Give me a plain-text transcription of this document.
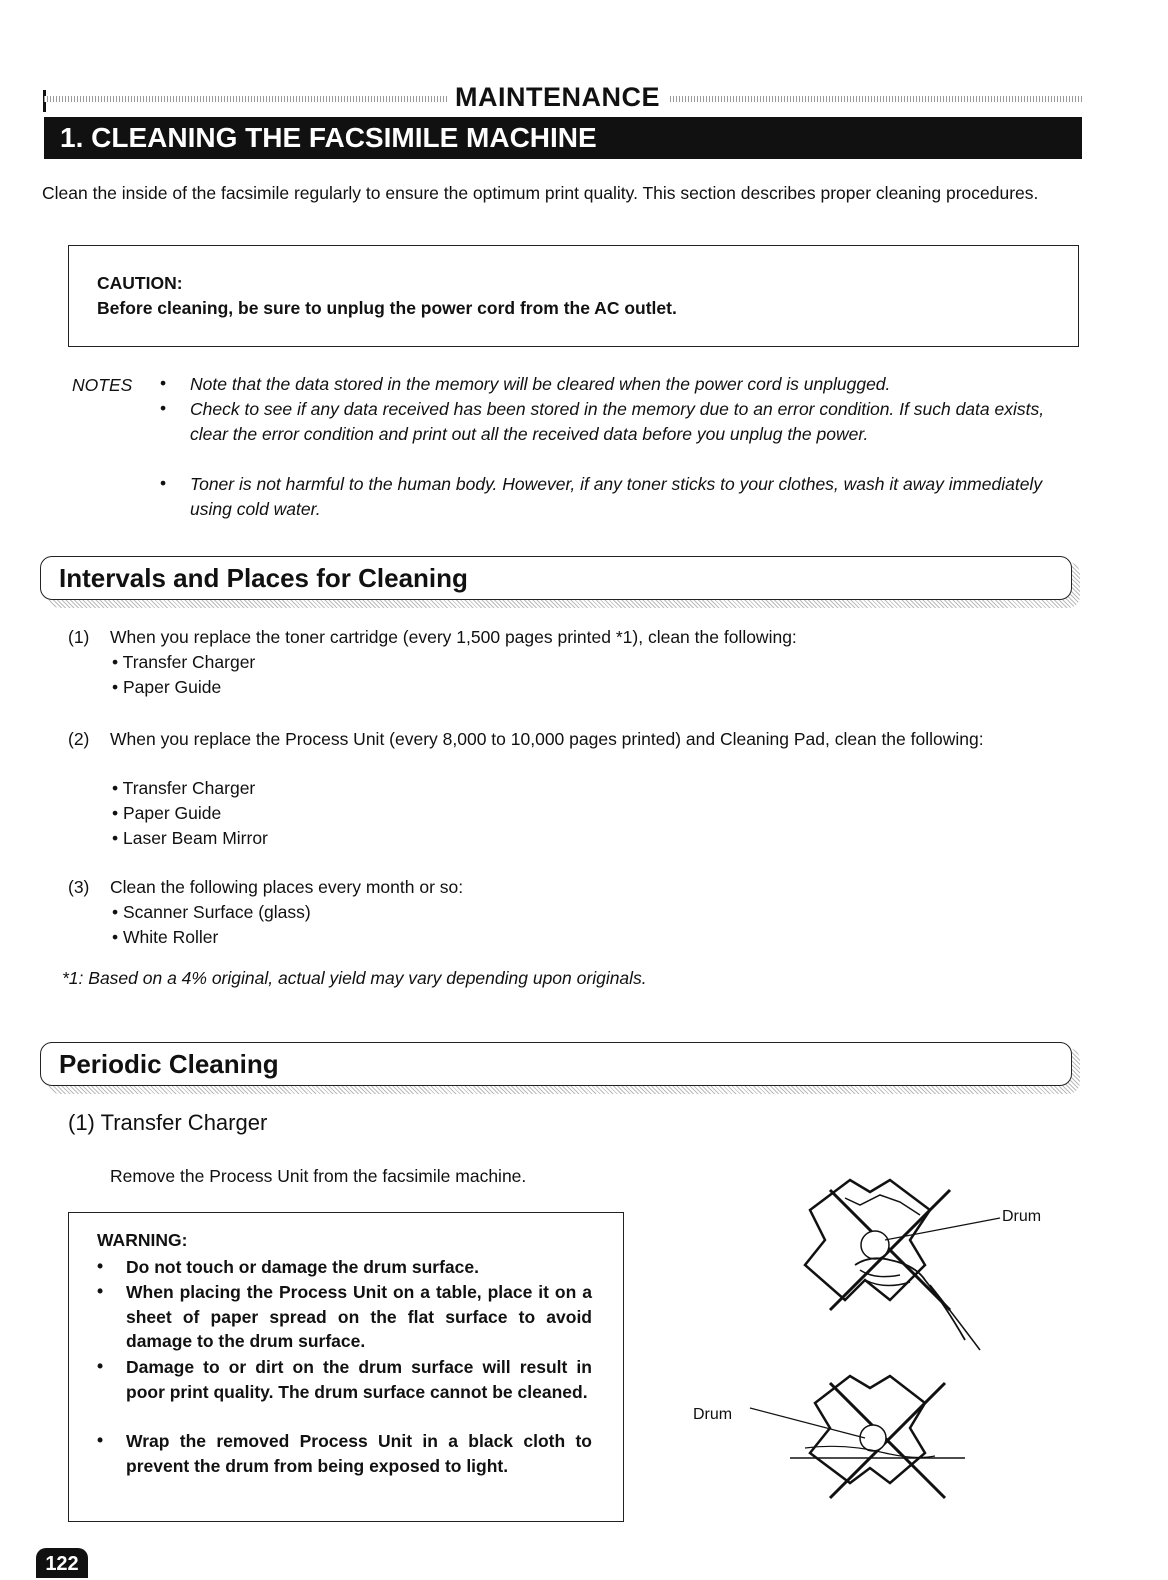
MAINTENANCE
1. CLEANING THE FACSIMILE MACHINE
Clean the inside of the facsimile regularly to ensure the optimum print quality. This section describes proper cleaning procedures.
CAUTION:
Before cleaning, be sure to unplug the power cord from the AC outlet.
NOTES • Note that the data stored in the memory will be cleared when the power cord is unplugged.
• Check to see if any data received has been stored in the memory due to an error condition. If such data exists, clear the error condition and print out all the received data before you unplug the power.
• Toner is not harmful to the human body. However, if any toner sticks to your clothes, wash it away immediately using cold water.
Intervals and Places for Cleaning
(1) When you replace the toner cartridge (every 1,500 pages printed *1), clean the following:
• Transfer Charger
• Paper Guide
(2) When you replace the Process Unit (every 8,000 to 10,000 pages printed) and Cleaning Pad, clean the following:
• Transfer Charger
• Paper Guide
• Laser Beam Mirror
(3) Clean the following places every month or so:
• Scanner Surface (glass)
• White Roller
*1: Based on a 4% original, actual yield may vary depending upon originals.
Periodic Cleaning
(1) Transfer Charger
Remove the Process Unit from the facsimile machine.
WARNING:
• Do not touch or damage the drum surface.
• When placing the Process Unit on a table, place it on a sheet of paper spread on the flat surface to avoid damage to the drum surface.
• Damage to or dirt on the drum surface will result in poor print quality. The drum surface cannot be cleaned.
• Wrap the removed Process Unit in a black cloth to prevent the drum from being exposed to light.
Drum
Drum
122
